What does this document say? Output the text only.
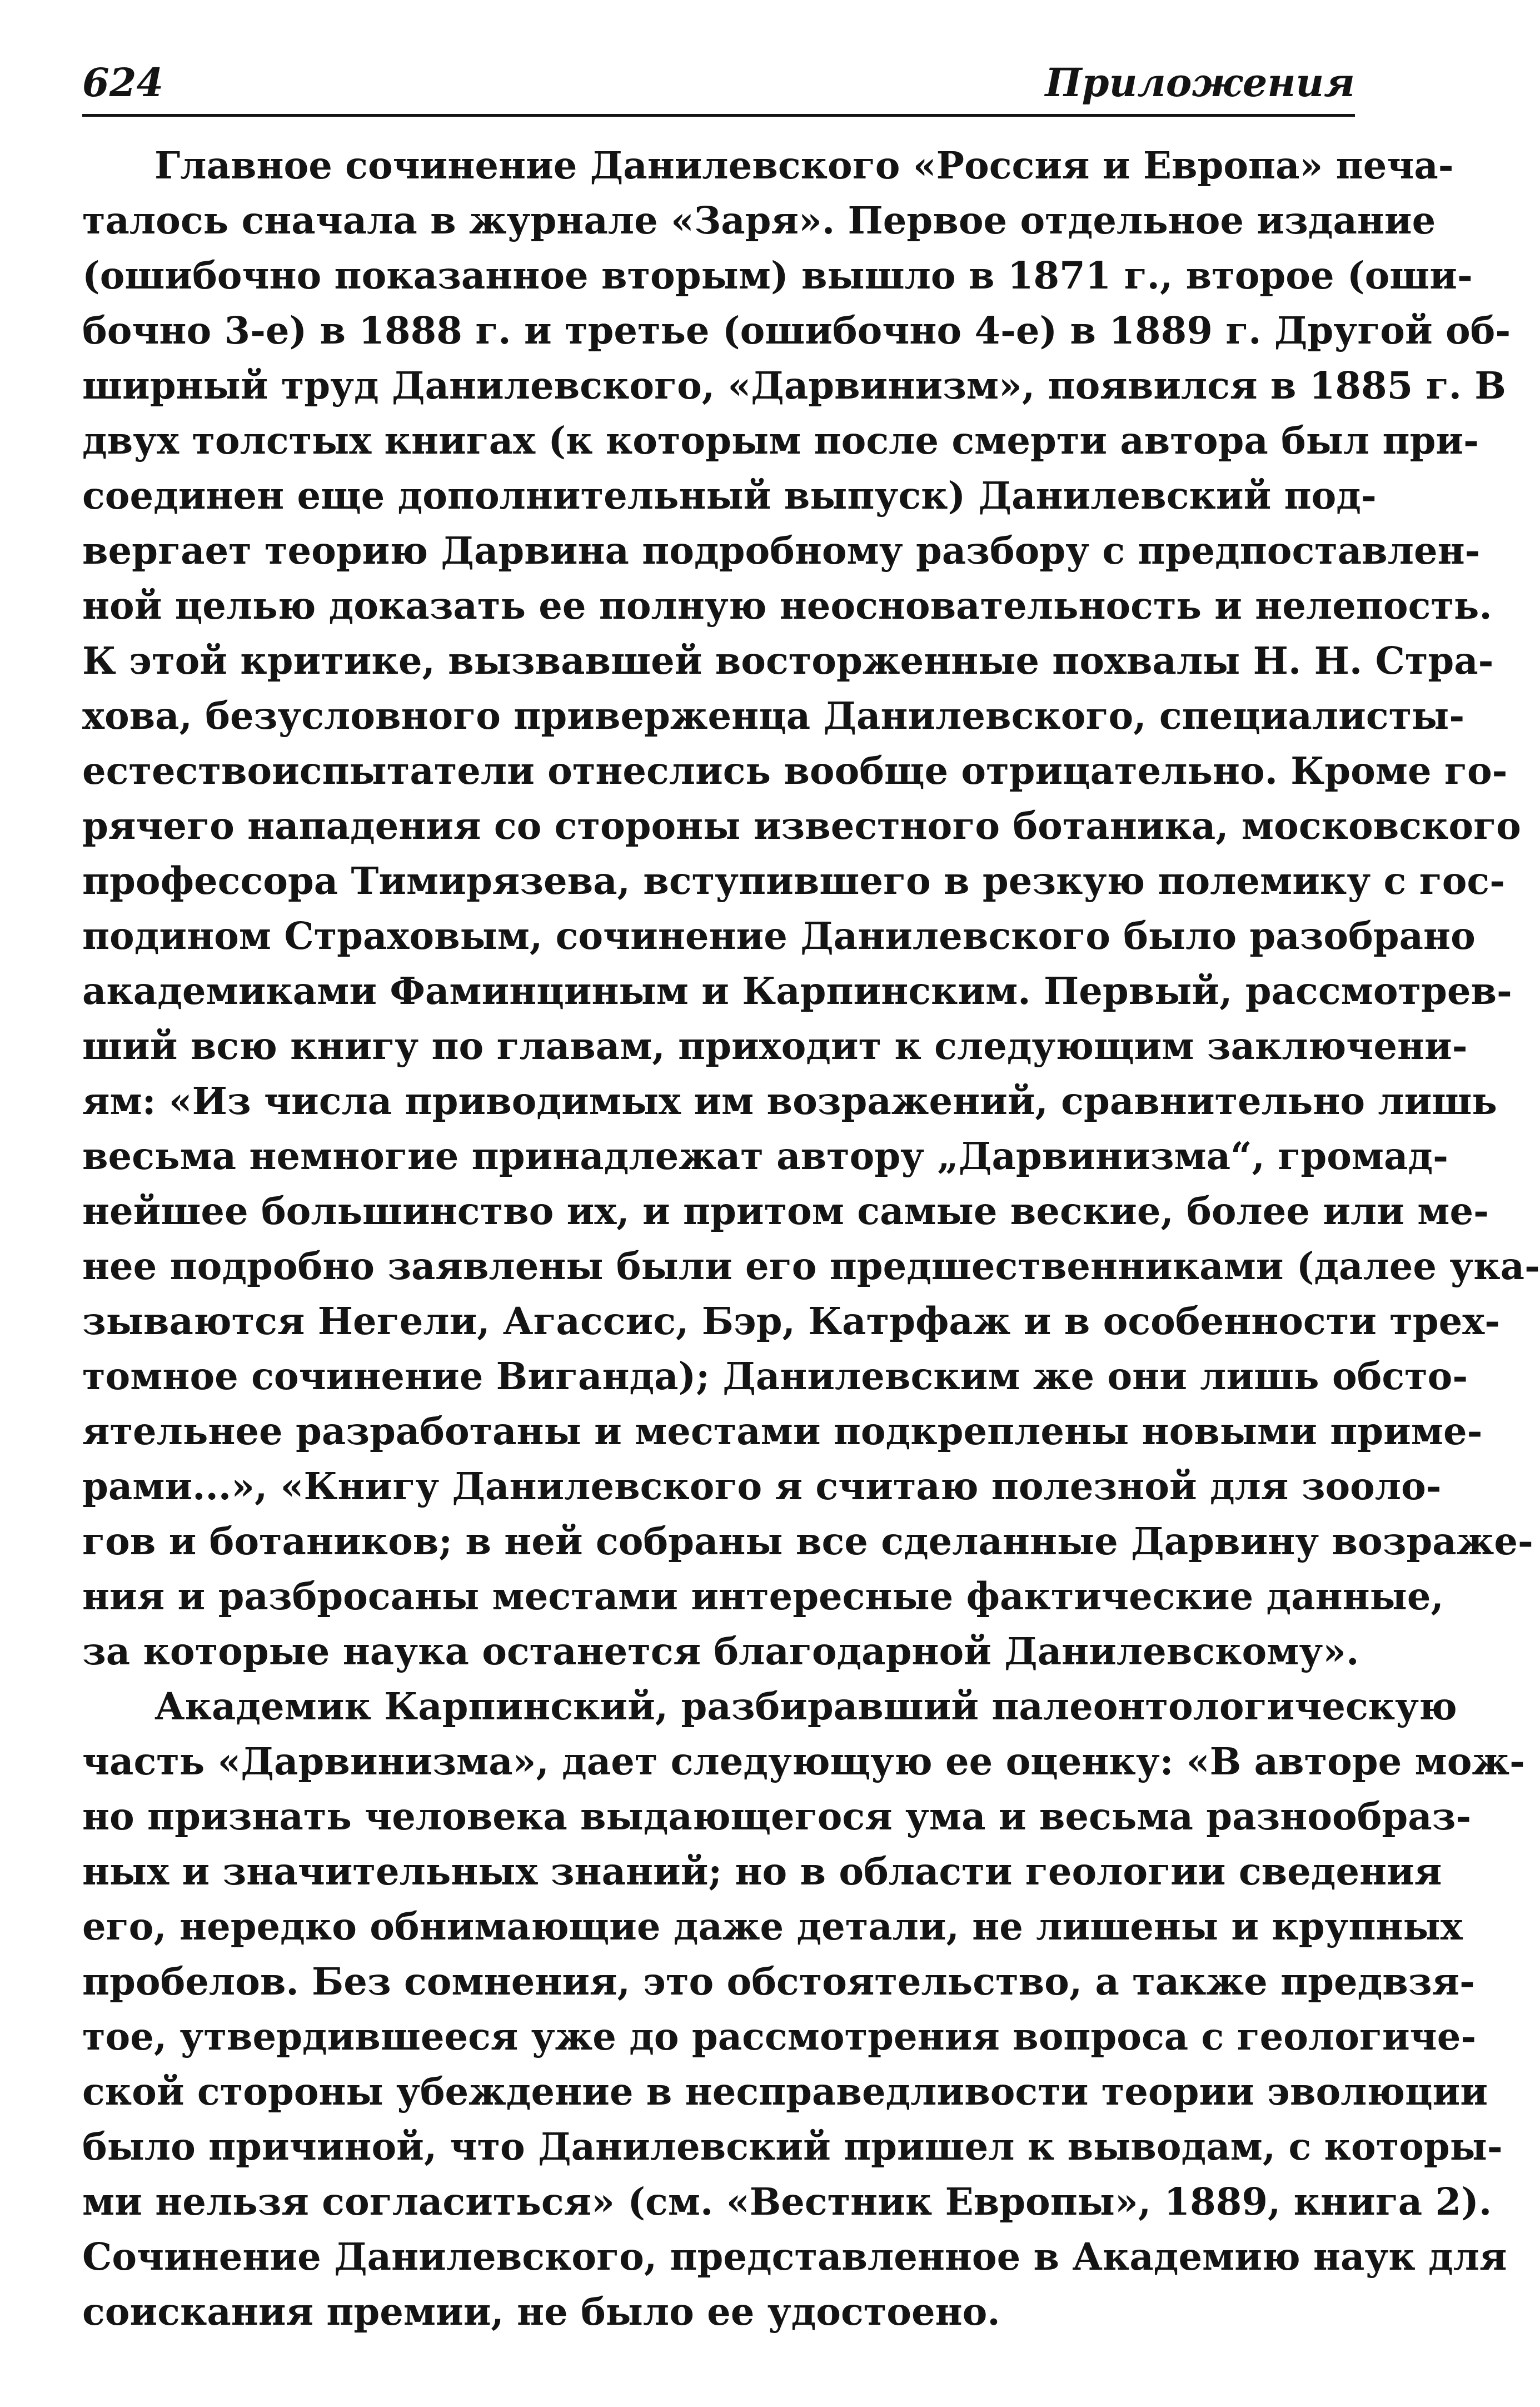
624	Приложения
Главное сочинение Данилевского «Россия и Европа» печа-
талось сначала в журнале «Заря». Первое отдельное издание
(ошибочно показанное вторым) вышло в 1871 г., второе (оши-
бочно 3-е) в 1888 г. и третье (ошибочно 4-е) в 1889 г. Другой об-
ширный труд Данилевского, «Дарвинизм», появился в 1885 г. В
двух толстых книгах (к которым после смерти автора был при-
соединен еще дополнительный выпуск) Данилевский под-
вергает теорию Дарвина подробному разбору с предпоставлен-
ной целью доказать ее полную неосновательность и нелепость.
К этой критике, вызвавшей восторженные похвалы Н. Н. Стра-
хова, безусловного приверженца Данилевского, специалисты-
естествоиспытатели отнеслись вообще отрицательно. Кроме го-
рячего нападения со стороны известного ботаника, московского
профессора Тимирязева, вступившего в резкую полемику с гос-
подином Страховым, сочинение Данилевского было разобрано
академиками Фаминциным и Карпинским. Первый, рассмотрев-
ший всю книгу по главам, приходит к следующим заключени-
ям: «Из числа приводимых им возражений, сравнительно лишь
весьма немногие принадлежат автору „Дарвинизма“, громад-
нейшее большинство их, и притом самые веские, более или ме-
нее подробно заявлены были его предшественниками (далее ука-
зываются Негели, Агассис, Бэр, Катрфаж и в особенности трех-
томное сочинение Виганда); Данилевским же они лишь обсто-
ятельнее разработаны и местами подкреплены новыми приме-
рами...», «Книгу Данилевского я считаю полезной для зооло-
гов и ботаников; в ней собраны все сделанные Дарвину возраже-
ния и разбросаны местами интересные фактические данные,
за которые наука останется благодарной Данилевскому».
Академик Карпинский, разбиравший палеонтологическую
часть «Дарвинизма», дает следующую ее оценку: «В авторе мож-
но признать человека выдающегося ума и весьма разнообраз-
ных и значительных знаний; но в области геологии сведения
его, нередко обнимающие даже детали, не лишены и крупных
пробелов. Без сомнения, это обстоятельство, а также предвзя-
тое, утвердившееся уже до рассмотрения вопроса с геологиче-
ской стороны убеждение в несправедливости теории эволюции
было причиной, что Данилевский пришел к выводам, с которы-
ми нельзя согласиться» (см. «Вестник Европы», 1889, книга 2).
Сочинение Данилевского, представленное в Академию наук для
соискания премии, не было ее удостоено.
